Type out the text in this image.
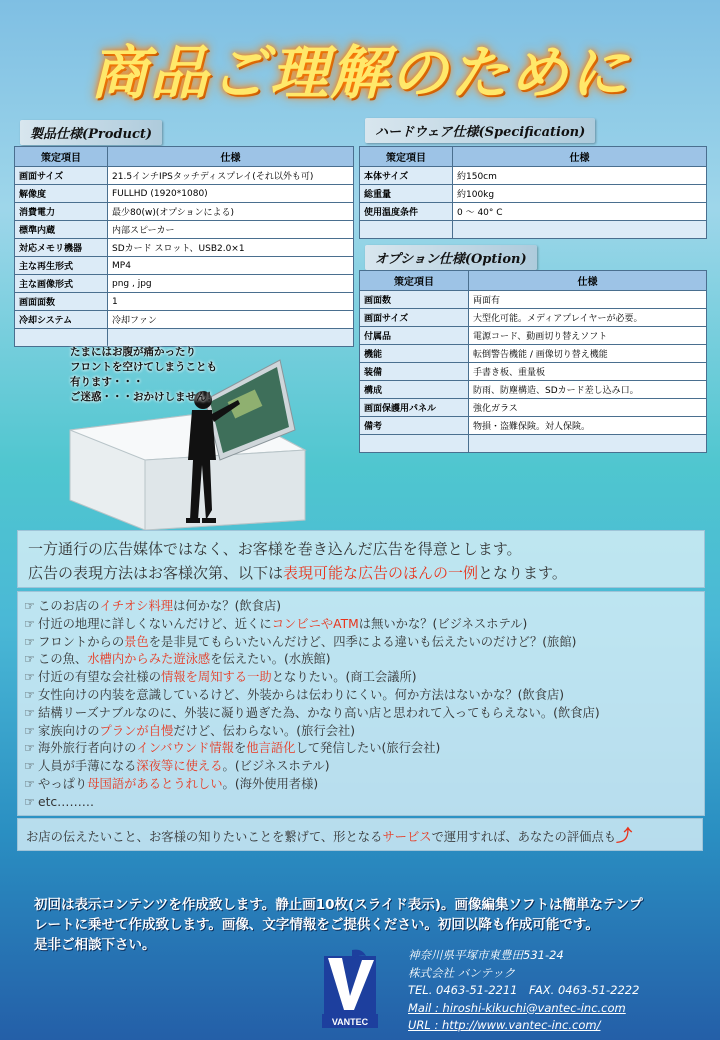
商品ご理解のために
製品仕様(Product)
策定項目	仕様
画面サイズ	21.5インチIPSタッチディスプレイ(それ以外も可)
解像度	FULLHD (1920*1080)
消費電力	最少80(w)(オプションによる)
標準内蔵	内部スピーカー
対応メモリ機器	SDカード スロット、USB2.0×1
主な再生形式	MP4
主な画像形式	png , jpg
画面面数	1
冷却システム	冷却ファン

ハードウェア仕様(Specification)
策定項目	仕様
本体サイズ	約150cm
総重量	約100kg
使用温度条件	0 ～ 40° C

オプション仕様(Option)
策定項目	仕様
画面数	両面有
画面サイズ	大型化可能。メディアプレイヤーが必要。
付属品	電源コード、動画切り替えソフト
機能	転倒警告機能 / 画像切り替え機能
装備	手書き板、重量板
構成	防雨、防塵構造、SDカード差し込み口。
画面保護用パネル	強化ガラス
備考	物損・盗難保険。対人保険。

たまにはお腹が痛かったり
フロントを空けてしまうことも
有ります・・・
ご迷惑・・・おかけしません！

一方通行の広告媒体ではなく、お客様を巻き込んだ広告を得意とします。

広告の表現方法はお客様次第、以下は表現可能な広告のほんの一例となります。

☞ このお店のイチオシ料理は何かな？(飲食店)
☞ 付近の地理に詳しくないんだけど、近くにコンビニやATMは無いかな？(ビジネスホテル)
☞ フロントからの景色を是非見てもらいたいんだけど、四季による違いも伝えたいのだけど？(旅館)
☞ この魚、水槽内からみた遊泳感を伝えたい。(水族館)
☞ 付近の有望な会社様の情報を周知する一助となりたい。(商工会議所)
☞ 女性向けの内装を意識しているけど、外装からは伝わりにくい。何か方法はないかな？(飲食店)
☞ 結構リーズナブルなのに、外装に凝り過ぎた為、かなり高い店と思われて入ってもらえない。(飲食店)
☞ 家族向けのプランが自慢だけど、伝わらない。(旅行会社)
☞ 海外旅行者向けのインバウンド情報を他言語化して発信したい(旅行会社)
☞ 人員が手薄になる深夜等に使える。(ビジネスホテル)
☞ やっぱり母国語があるとうれしい。(海外使用者様)
☞ etc………
お店の伝えたいこと、お客様の知りたいことを繋げて、形となるサービスで運用すれば、あなたの評価点も⤴
初回は表示コンテンツを作成致します。静止画10枚(スライド表示)。画像編集ソフトは簡単なテンプ
レートに乗せて作成致します。画像、文字情報をご提供ください。初回以降も作成可能です。
是非ご相談下さい。
VANTEC
神奈川県平塚市東豊田531-24
株式会社 バンテック
TEL. 0463-51-2211　FAX. 0463-51-2222
Mail : hiroshi-kikuchi@vantec-inc.com
URL : http://www.vantec-inc.com/
